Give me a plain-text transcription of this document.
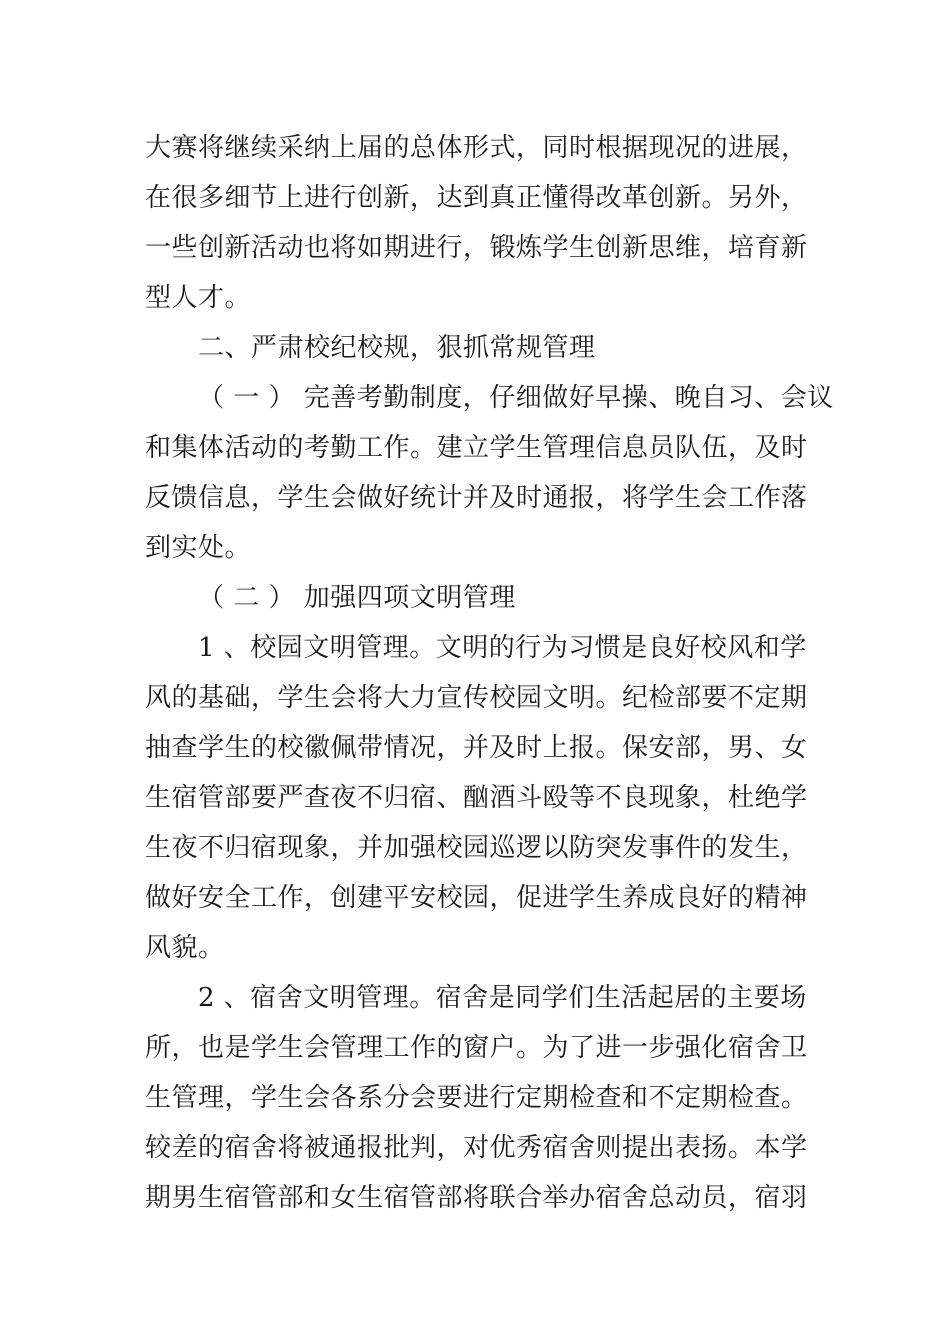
大赛将继续采纳上届的总体形式，同时根据现况的进展，
在很多细节上进行创新，达到真正懂得改革创新。另外，
一些创新活动也将如期进行，锻炼学生创新思维，培育新
型人才。
二、严肃校纪校规，狠抓常规管理
（ 一 ） 完善考勤制度，仔细做好早操、晚自习、会议
和集体活动的考勤工作。建立学生管理信息员队伍，及时
反馈信息，学生会做好统计并及时通报，将学生会工作落
到实处。
（ 二 ） 加强四项文明管理
1 、校园文明管理。文明的行为习惯是良好校风和学
风的基础，学生会将大力宣传校园文明。纪检部要不定期
抽查学生的校徽佩带情况，并及时上报。保安部，男、女
生宿管部要严查夜不归宿、酗酒斗殴等不良现象，杜绝学
生夜不归宿现象，并加强校园巡逻以防突发事件的发生，
做好安全工作，创建平安校园，促进学生养成良好的精神
风貌。
2 、宿舍文明管理。宿舍是同学们生活起居的主要场
所，也是学生会管理工作的窗户。为了进一步强化宿舍卫
生管理，学生会各系分会要进行定期检查和不定期检查。
较差的宿舍将被通报批判，对优秀宿舍则提出表扬。本学
期男生宿管部和女生宿管部将联合举办宿舍总动员，宿羽
